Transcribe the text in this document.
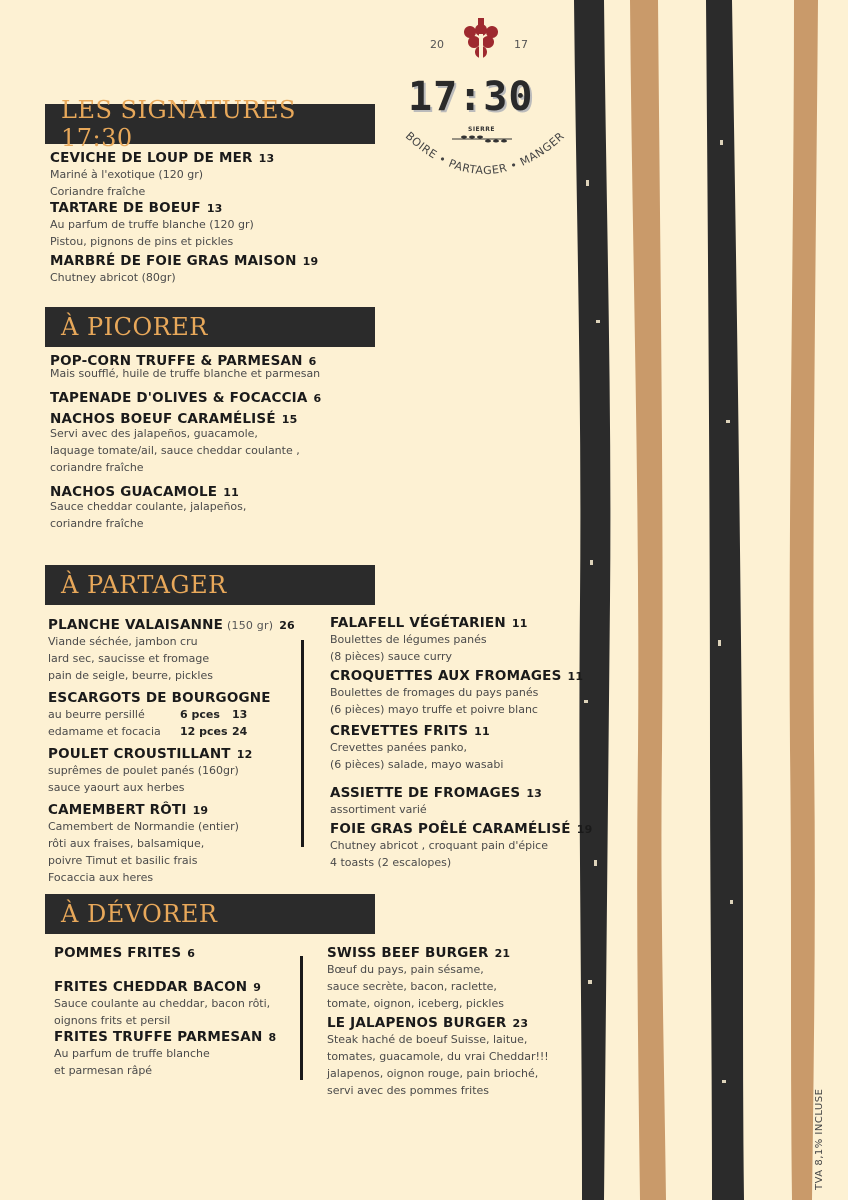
20	17
17:30
SIERRE
BOIRE • PARTAGER • MANGER
LES SIGNATURES 17:30
CEVICHE DE LOUP DE MER 13
Mariné à l'exotique (120 gr)
Coriandre fraîche
TARTARE DE BOEUF 13
Au parfum de truffe blanche (120 gr)
Pistou, pignons de pins et pickles
MARBRÉ DE FOIE GRAS MAISON 19
Chutney abricot (80gr)
À PICORER
POP-CORN TRUFFE & PARMESAN 6
Mais soufflé, huile de truffe blanche et parmesan
TAPENADE D'OLIVES & FOCACCIA 6
NACHOS BOEUF CARAMÉLISÉ 15
Servi avec des jalapeños, guacamole,
laquage tomate/ail, sauce cheddar coulante ,
coriandre fraîche
NACHOS GUACAMOLE 11
Sauce cheddar coulante, jalapeños,
coriandre fraîche
À PARTAGER
PLANCHE VALAISANNE (150 gr) 26
Viande séchée, jambon cru
lard sec, saucisse et fromage
pain de seigle, beurre, pickles
ESCARGOTS DE BOURGOGNE
au beurre persillé	6 pces	13
edamame et focacia	12 pces 24
POULET CROUSTILLANT 12
suprêmes de poulet panés (160gr)
sauce yaourt aux herbes
CAMEMBERT RÔTI 19
Camembert de Normandie (entier)
rôti aux fraises, balsamique,
poivre Timut et basilic frais
Focaccia aux heres
FALAFELL VÉGÉTARIEN 11
Boulettes de légumes panés
(8 pièces) sauce curry
CROQUETTES AUX FROMAGES 11
Boulettes de fromages du pays panés
(6 pièces) mayo truffe et poivre blanc
CREVETTES FRITS 11
Crevettes panées panko,
(6 pièces) salade, mayo wasabi
ASSIETTE DE FROMAGES 13
assortiment varié
FOIE GRAS POÊLÉ CARAMÉLISÉ 19
Chutney abricot , croquant pain d'épice
4 toasts (2 escalopes)
À DÉVORER
POMMES FRITES 6
FRITES CHEDDAR BACON 9
Sauce coulante au cheddar, bacon rôti,
oignons frits et persil
FRITES TRUFFE PARMESAN 8
Au parfum de truffe blanche
et parmesan râpé
SWISS BEEF BURGER 21
Bœuf du pays, pain sésame,
sauce secrète, bacon, raclette,
tomate, oignon, iceberg, pickles
LE JALAPENOS BURGER 23
Steak haché de boeuf Suisse, laitue,
tomates, guacamole, du vrai Cheddar!!!
jalapenos, oignon rouge, pain brioché,
servi avec des pommes frites	TVA 8,1% INCLUSE
